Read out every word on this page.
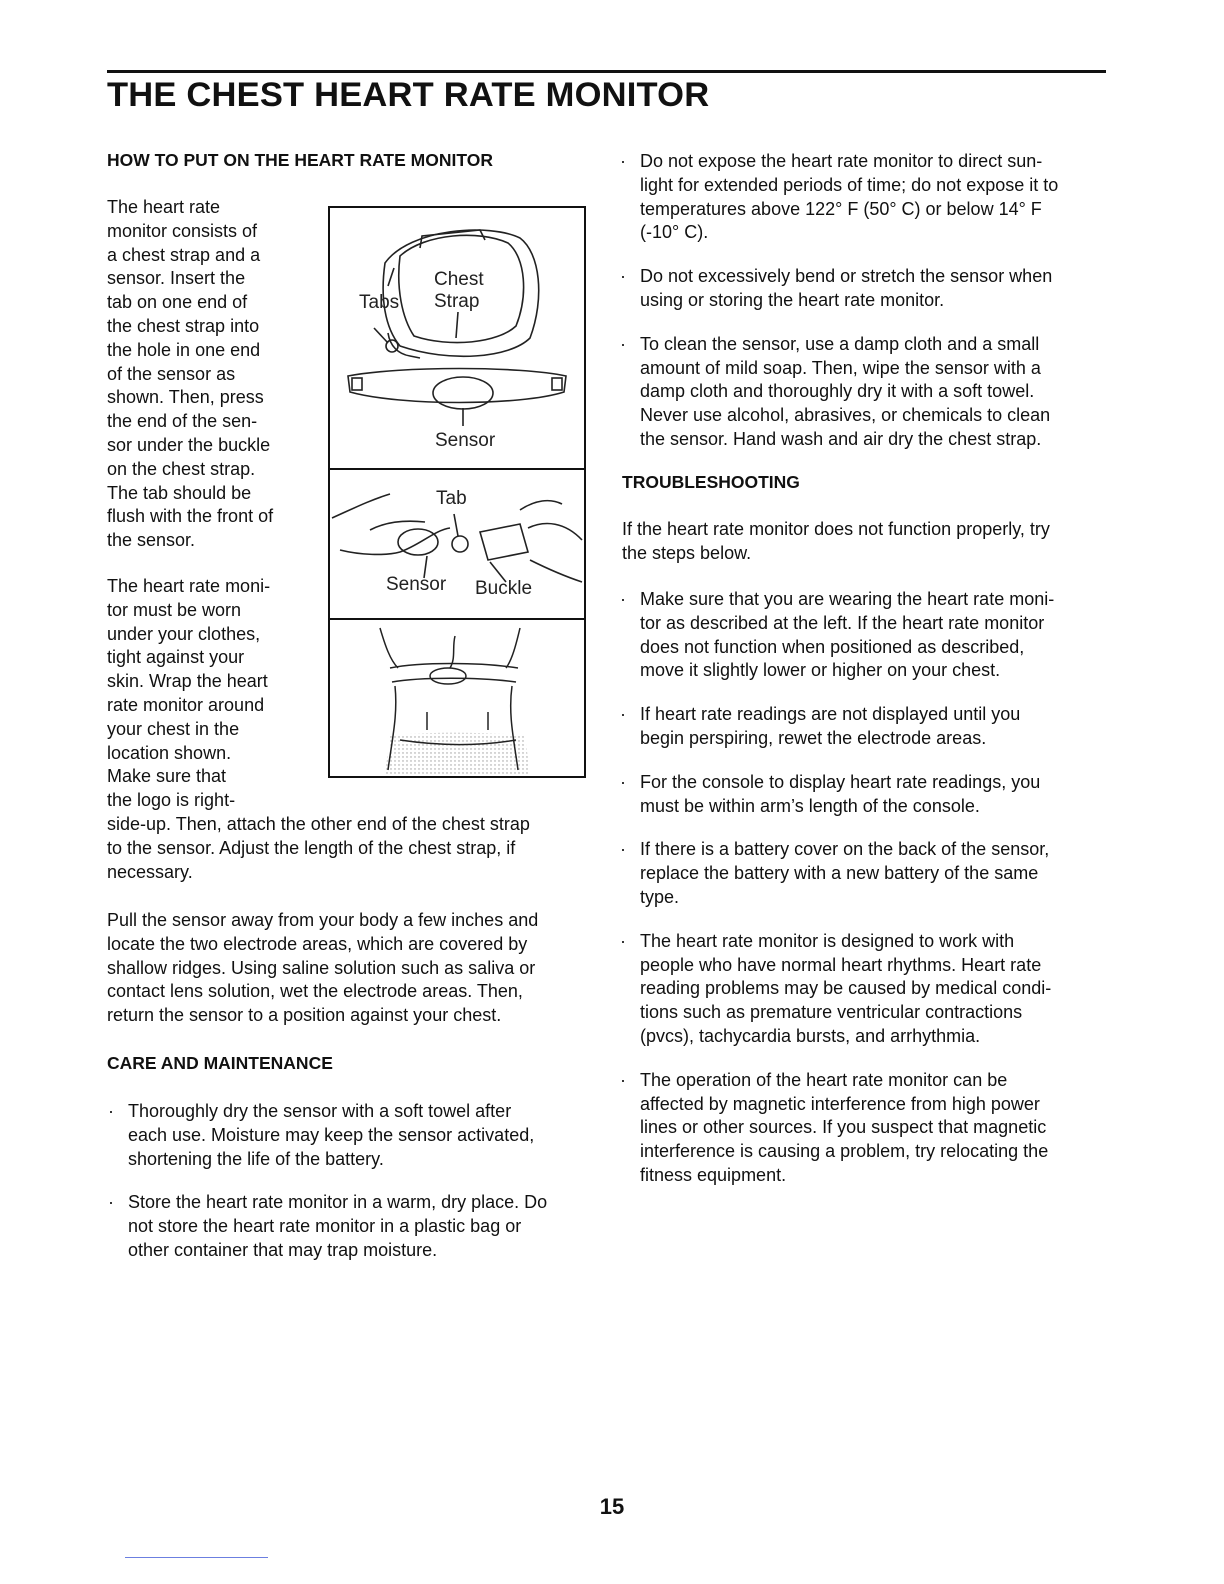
THE CHEST HEART RATE MONITOR
HOW TO PUT ON THE HEART RATE MONITOR
The heart rate
monitor consists of
a chest strap and a
sensor. Insert the
tab on one end of
the chest strap into
the hole in one end
of the sensor as
shown. Then, press
the end of the sen-
sor under the buckle
on the chest strap.
The tab should be
flush with the front of
the sensor.
The heart rate moni-
tor must be worn
under your clothes,
tight against your
skin. Wrap the heart
rate monitor around
your chest in the
location shown.
Make sure that
the logo is right-
side-up. Then, attach the other end of the chest strap
to the sensor. Adjust the length of the chest strap, if
necessary.
Pull the sensor away from your body a few inches and
locate the two electrode areas, which are covered by
shallow ridges. Using saline solution such as saliva or
contact lens solution, wet the electrode areas. Then,
return the sensor to a position against your chest.
CARE AND MAINTENANCE
· Thoroughly dry the sensor with a soft towel after
each use. Moisture may keep the sensor activated,
shortening the life of the battery.
· Store the heart rate monitor in a warm, dry place. Do
not store the heart rate monitor in a plastic bag or
other container that may trap moisture.
Chest
Strap
Tabs
Sensor
Tab
Sensor Buckle
· Do not expose the heart rate monitor to direct sun-
light for extended periods of time; do not expose it to
temperatures above 122° F (50° C) or below 14° F
(-10° C).
· Do not excessively bend or stretch the sensor when
using or storing the heart rate monitor.
· To clean the sensor, use a damp cloth and a small
amount of mild soap. Then, wipe the sensor with a
damp cloth and thoroughly dry it with a soft towel.
Never use alcohol, abrasives, or chemicals to clean
the sensor. Hand wash and air dry the chest strap.
TROUBLESHOOTING
If the heart rate monitor does not function properly, try
the steps below.
· Make sure that you are wearing the heart rate moni-
tor as described at the left. If the heart rate monitor
does not function when positioned as described,
move it slightly lower or higher on your chest.
· If heart rate readings are not displayed until you
begin perspiring, rewet the electrode areas.
· For the console to display heart rate readings, you
must be within arm’s length of the console.
· If there is a battery cover on the back of the sensor,
replace the battery with a new battery of the same
type.
· The heart rate monitor is designed to work with
people who have normal heart rhythms. Heart rate
reading problems may be caused by medical condi-
tions such as premature ventricular contractions
(pvcs), tachycardia bursts, and arrhythmia.
· The operation of the heart rate monitor can be
affected by magnetic interference from high power
lines or other sources. If you suspect that magnetic
interference is causing a problem, try relocating the
fitness equipment.

15
